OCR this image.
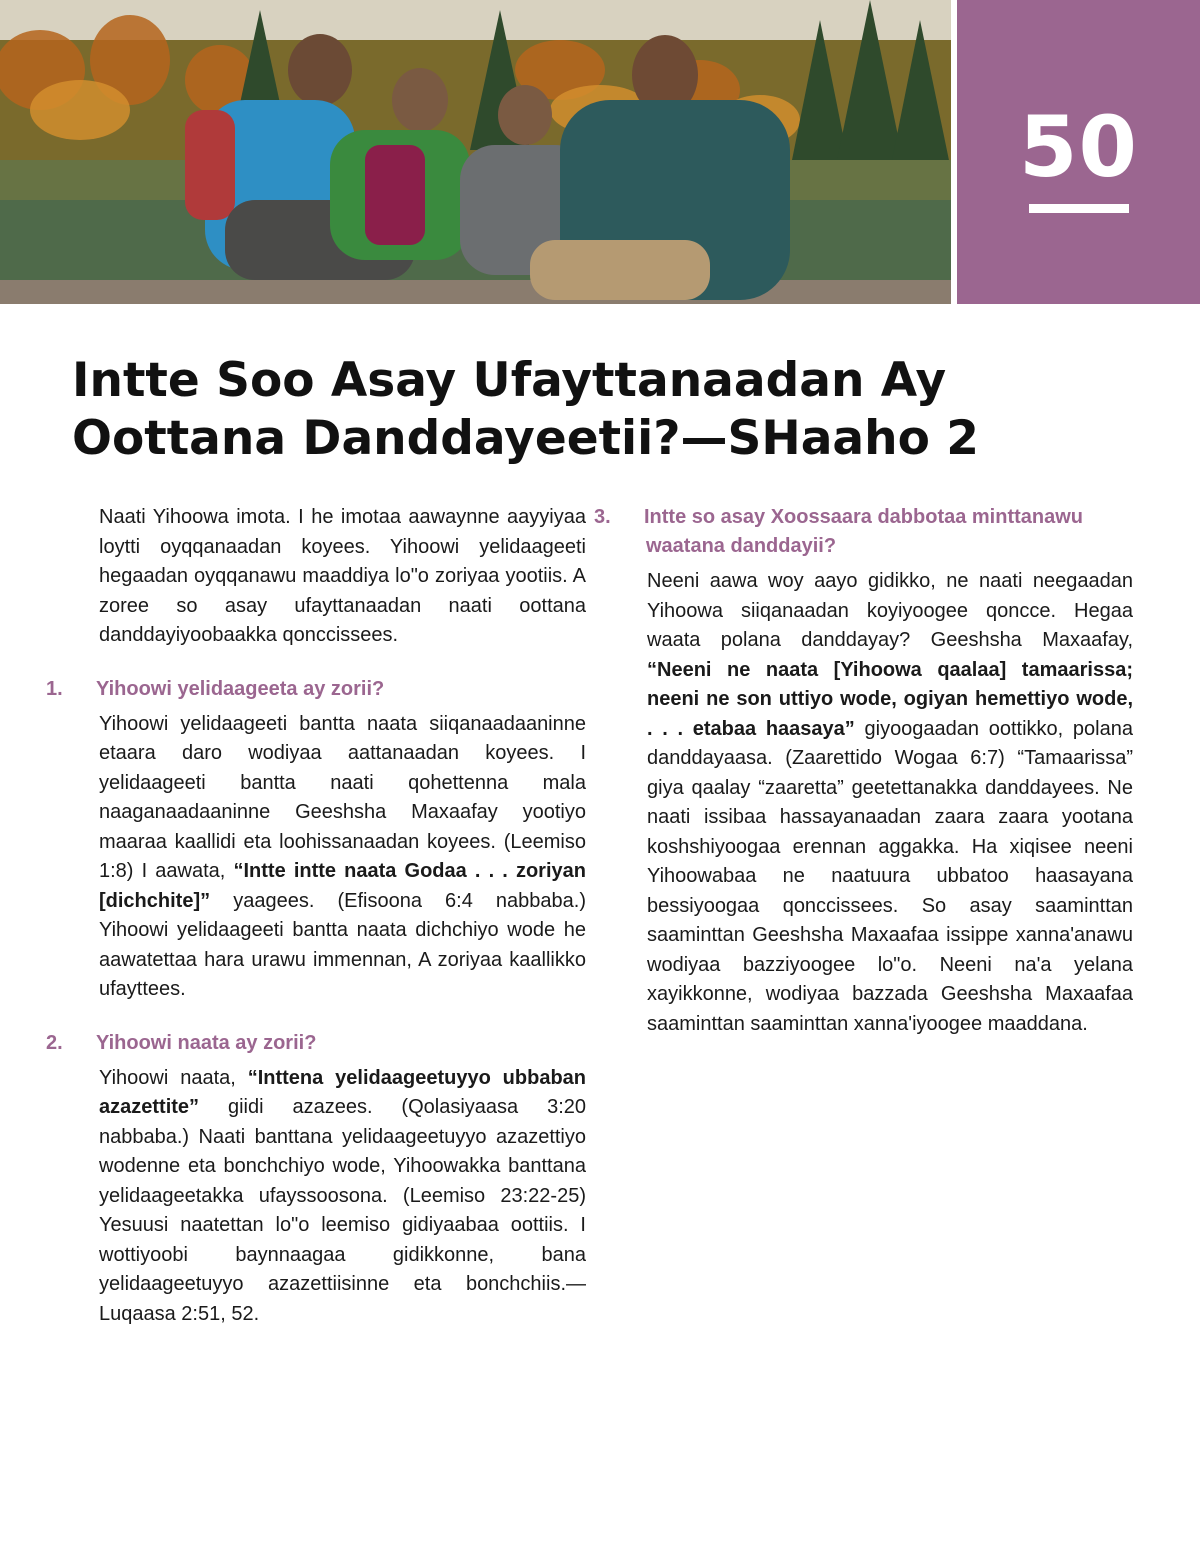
50
Intte Soo Asay Ufayttanaadan Ay Oottana Danddayeetii?—SHaaho 2

Naati Yihoowa imota. I he imotaa aawaynne aayyiyaa loytti oyqqanaadan koyees. Yihoowi yelidaageeti hegaadan oyqqanawu maaddiya lo"o zoriyaa yootiis. A zoree so asay ufayttanaadan naati oottana danddayiyoobaakka qonccissees.

1. Yihoowi yelidaageeta ay zorii?

Yihoowi yelidaageeti bantta naata siiqanaadaaninne etaara daro wodiyaa aattanaadan koyees. I yelidaageeti bantta naati qohettenna mala naaganaadaaninne Geeshsha Maxaafay yootiyo maaraa kaallidi eta loohissanaadan koyees. (Leemiso 1:8) I aawata, “Intte intte naata Godaa . . . zoriyan [dichchite]” yaagees. (Efisoona 6:4 nabbaba.) Yihoowi yelidaageeti bantta naata dichchiyo wode he aawatettaa hara urawu immennan, A zoriyaa kaallikko ufayttees.

2. Yihoowi naata ay zorii?

Yihoowi naata, “Inttena yelidaageetuyyo ubbaban azazettite” giidi azazees. (Qolasiyaasa 3:20 nabbaba.) Naati banttana yelidaageetuyyo azazettiyo wodenne eta bonchchiyo wode, Yihoowakka banttana yelidaageetakka ufayssoosona. (Leemiso 23:22-25) Yesuusi naatettan lo"o leemiso gidiyaabaa oottiis. I wottiyoobi baynnaagaa gidikkonne, bana yelidaageetuyyo azazettiisinne eta bonchchiis.—Luqaasa 2:51, 52.

3. Intte so asay Xoossaara dabbotaa minttanawu waatana danddayii?

Neeni aawa woy aayo gidikko, ne naati neegaadan Yihoowa siiqanaadan koyiyoogee qoncce. Hegaa waata polana danddayay? Geeshsha Maxaafay, “Neeni ne naata [Yihoowa qaalaa] tamaarissa; neeni ne son uttiyo wode, ogiyan hemettiyo wode, . . . etabaa haasaya” giyoogaadan oottikko, polana danddayaasa. (Zaarettido Wogaa 6:7) “Tamaarissa” giya qaalay “zaaretta” geetettanakka danddayees. Ne naati issibaa hassayanaadan zaara zaara yootana koshshiyoogaa erennan aggakka. Ha xiqisee neeni Yihoowabaa ne naatuura ubbatoo haasayana bessiyoogaa qonccissees. So asay saaminttan saaminttan Geeshsha Maxaafaa issippe xanna'anawu wodiyaa bazziyoogee lo"o. Neeni na'a yelana xayikkonne, wodiyaa bazzada Geeshsha Maxaafaa saaminttan saaminttan xanna'iyoogee maaddana.
